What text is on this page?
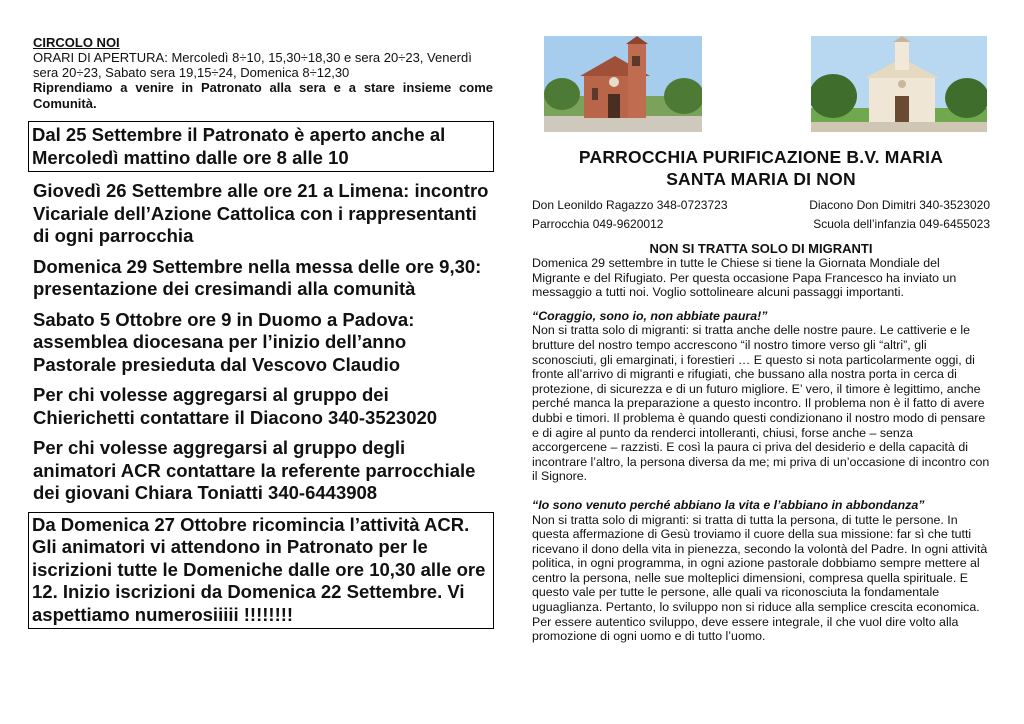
CIRCOLO NOI
ORARI DI APERTURA: Mercoledì 8÷10, 15,30÷18,30 e sera 20÷23, Venerdì sera 20÷23, Sabato sera 19,15÷24, Domenica 8÷12,30
Riprendiamo a venire in Patronato alla sera e a stare insieme come Comunità.
Dal 25 Settembre il Patronato è aperto anche al Mercoledì mattino dalle ore 8 alle 10
Giovedì 26 Settembre alle ore 21 a Limena: incontro Vicariale dell’Azione Cattolica con i rappresentanti di ogni parrocchia
Domenica 29 Settembre nella messa delle ore 9,30: presentazione dei cresimandi alla comunità
Sabato 5 Ottobre ore 9 in Duomo a Padova: assemblea diocesana per l’inizio dell’anno Pastorale presieduta dal Vescovo Claudio
Per chi volesse aggregarsi al gruppo dei Chierichetti contattare il Diacono 340-3523020
Per chi volesse aggregarsi al gruppo degli animatori ACR contattare la referente parrocchiale dei giovani Chiara Toniatti 340-6443908
Da Domenica 27 Ottobre ricomincia l’attività ACR. Gli animatori vi attendono in Patronato per le iscrizioni tutte le Domeniche dalle ore 10,30 alle ore 12. Inizio iscrizioni da Domenica 22 Settembre. Vi aspettiamo numerosiiiii !!!!!!!!
PARROCCHIA PURIFICAZIONE B.V. MARIA
SANTA MARIA DI NON
Don Leonildo Ragazzo 348-0723723	Diacono Don Dimitri 340-3523020
Parrocchia 049-9620012	Scuola dell’infanzia 049-6455023
NON SI TRATTA SOLO DI MIGRANTI
Domenica 29 settembre in tutte le Chiese si tiene la Giornata Mondiale del Migrante e del Rifugiato. Per questa occasione Papa Francesco ha inviato un messaggio a tutti noi. Voglio sottolineare alcuni passaggi importanti.
“Coraggio, sono io, non abbiate paura!”
Non si tratta solo di migranti: si tratta anche delle nostre paure. Le cattiverie e le brutture del nostro tempo accrescono “il nostro timore verso gli “altri”, gli sconosciuti, gli emarginati, i forestieri … E questo si nota particolarmente oggi, di fronte all’arrivo di migranti e rifugiati, che bussano alla nostra porta in cerca di protezione, di sicurezza e di un futuro migliore. E’ vero, il timore è legittimo, anche perché manca la preparazione a questo incontro. Il problema non è il fatto di avere dubbi e timori. Il problema è quando questi condizionano il nostro modo di pensare e di agire al punto da renderci intolleranti, chiusi, forse anche – senza accorgercene – razzisti. E così la paura ci priva del desiderio e della capacità di incontrare l’altro, la persona diversa da me; mi priva di un’occasione di incontro con il Signore.
“Io sono venuto perché abbiano la vita e l’abbiano in abbondanza”
Non si tratta solo di migranti: si tratta di tutta la persona, di tutte le persone. In questa affermazione di Gesù troviamo il cuore della sua missione: far sì che tutti ricevano il dono della vita in pienezza, secondo la volontà del Padre. In ogni attività politica, in ogni programma, in ogni azione pastorale dobbiamo sempre mettere al centro la persona, nelle sue molteplici dimensioni, compresa quella spirituale. E questo vale per tutte le persone, alle quali va riconosciuta la fondamentale uguaglianza. Pertanto, lo sviluppo non si riduce alla semplice crescita economica. Per essere autentico sviluppo, deve essere integrale, il che vuol dire volto alla promozione di ogni uomo e di tutto l’uomo.
